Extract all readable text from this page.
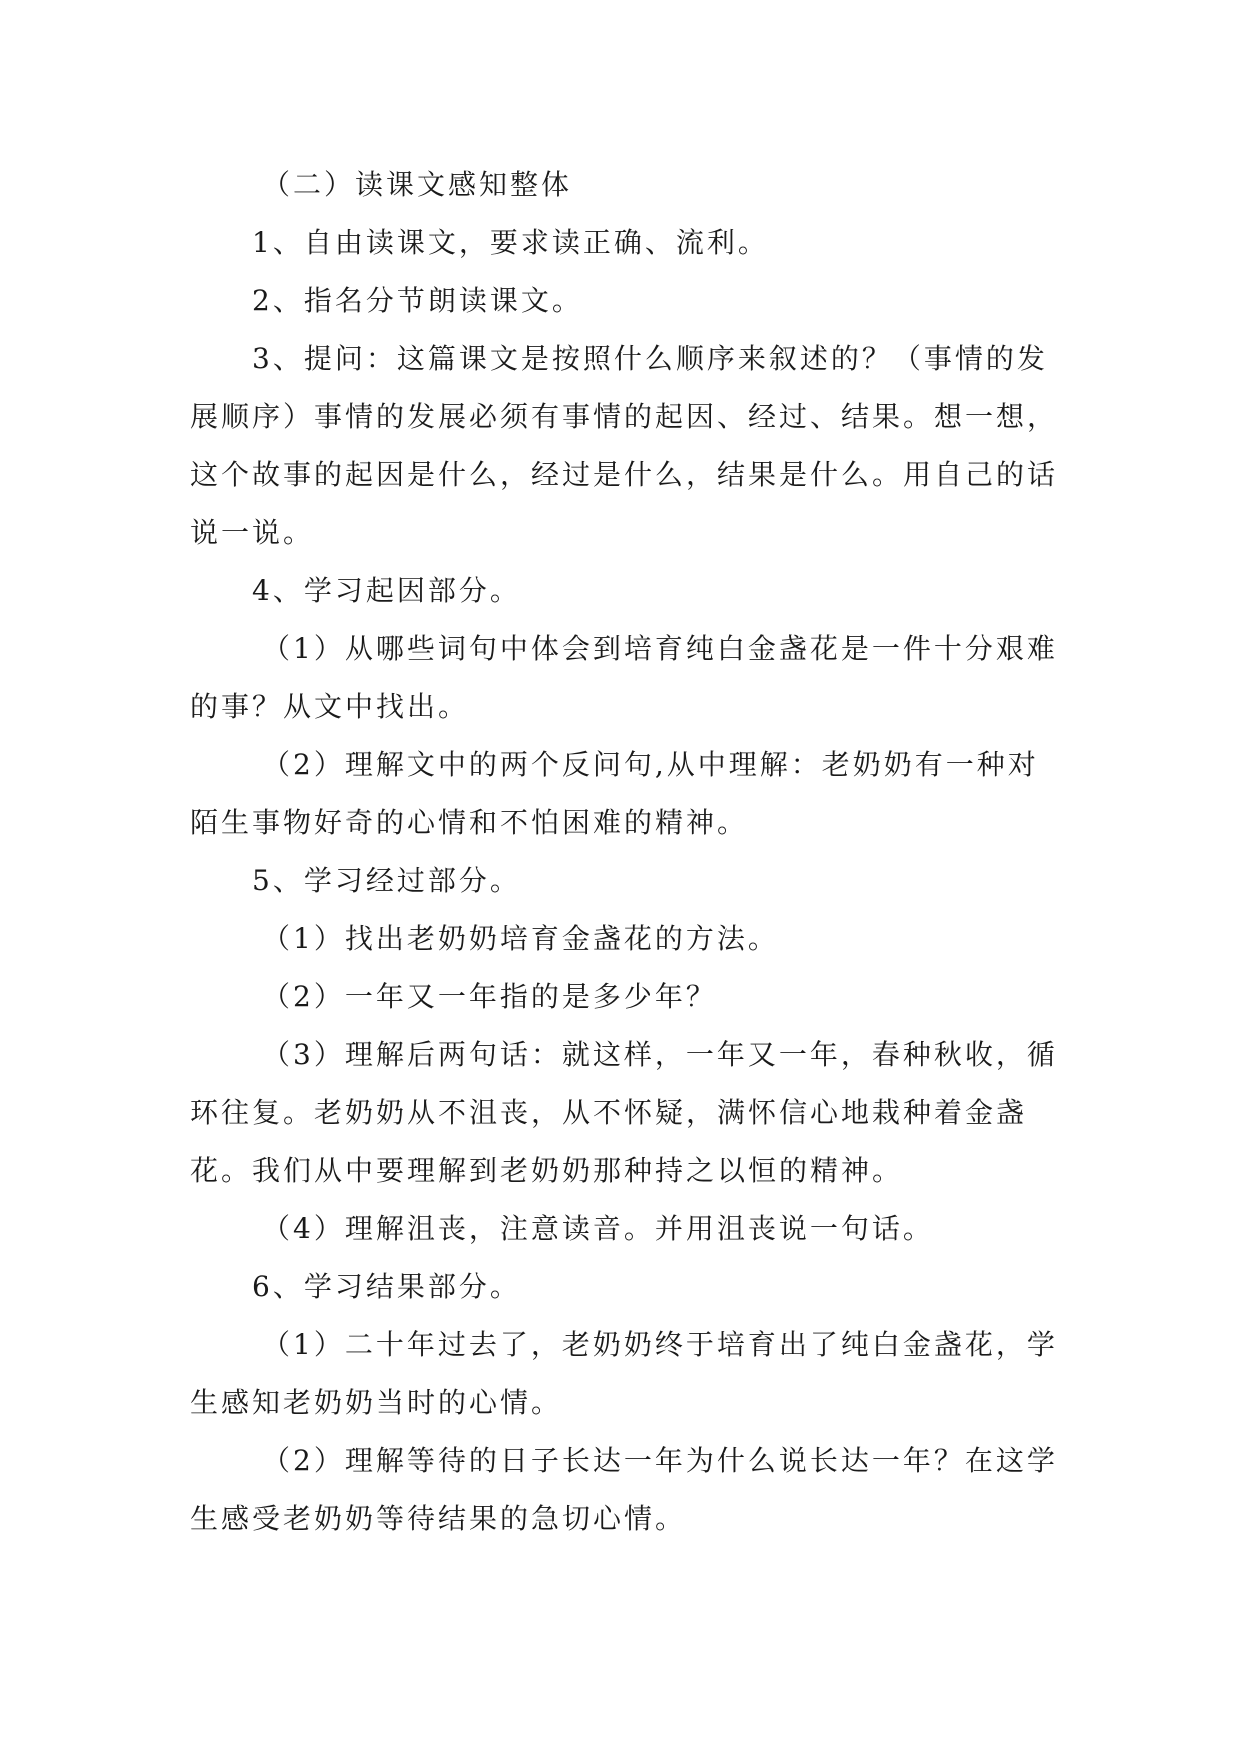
（二）读课文感知整体

1、自由读课文，要求读正确、流利。

2、指名分节朗读课文。

3、提问：这篇课文是按照什么顺序来叙述的？（事情的发展顺序）事情的发展必须有事情的起因、经过、结果。想一想，这个故事的起因是什么，经过是什么，结果是什么。用自己的话说一说。

4、学习起因部分。

（1）从哪些词句中体会到培育纯白金盏花是一件十分艰难的事？从文中找出。

（2）理解文中的两个反问句,从中理解：老奶奶有一种对陌生事物好奇的心情和不怕困难的精神。

5、学习经过部分。

（1）找出老奶奶培育金盏花的方法。

（2）一年又一年指的是多少年？

（3）理解后两句话：就这样，一年又一年，春种秋收，循环往复。老奶奶从不沮丧，从不怀疑，满怀信心地栽种着金盏花。我们从中要理解到老奶奶那种持之以恒的精神。

（4）理解沮丧，注意读音。并用沮丧说一句话。

6、学习结果部分。

（1）二十年过去了，老奶奶终于培育出了纯白金盏花，学生感知老奶奶当时的心情。

（2）理解等待的日子长达一年为什么说长达一年？在这学生感受老奶奶等待结果的急切心情。
